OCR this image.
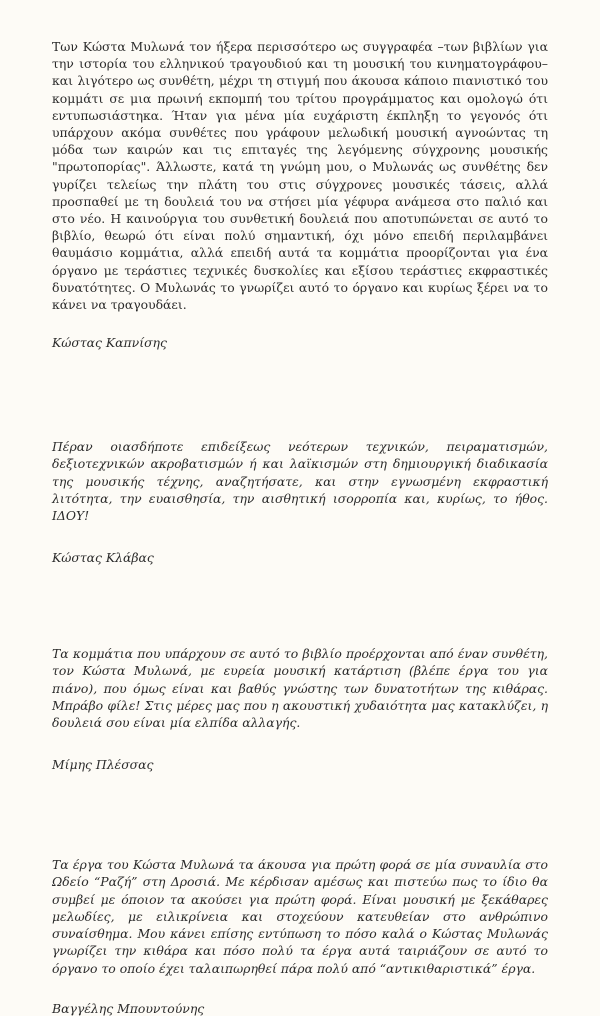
Των Κώστα Μυλωνά τον ήξερα περισσότερο ως συγγραφέα –των βιβλίων για την ιστορία του ελληνικού τραγουδιού και τη μουσική του κινηματογράφου– και λιγότερο ως συνθέτη, μέχρι τη στιγμή που άκουσα κάποιο πιανιστικό του κομμάτι σε μια πρωινή εκπομπή του τρίτου προγράμματος και ομολογώ ότι εντυπωσιάστηκα. Ήταν για μένα μία ευχάριστη έκπληξη το γεγονός ότι υπάρχουν ακόμα συνθέτες που γράφουν μελωδική μουσική αγνοώντας τη μόδα των καιρών και τις επιταγές της λεγόμενης σύγχρονης μουσικής "πρωτοπορίας". Άλλωστε, κατά τη γνώμη μου, ο Μυλωνάς ως συνθέτης δεν γυρίζει τελείως την πλάτη του στις σύγχρονες μουσικές τάσεις, αλλά προσπαθεί με τη δουλειά του να στήσει μία γέφυρα ανάμεσα στο παλιό και στο νέο. Η καινούργια του συνθετική δουλειά που αποτυπώνεται σε αυτό το βιβλίο, θεωρώ ότι είναι πολύ σημαντική, όχι μόνο επειδή περιλαμβάνει θαυμάσιο κομμάτια, αλλά επειδή αυτά τα κομμάτια προορίζονται για ένα όργανο με τεράστιες τεχνικές δυσκολίες και εξίσου τεράστιες εκφραστικές δυνατότητες. Ο Μυλωνάς το γνωρίζει αυτό το όργανο και κυρίως ξέρει να το κάνει να τραγουδάει.

Κώστας Καπνίσης

Πέραν οιασδήποτε επιδείξεως νεότερων τεχνικών, πειραματισμών, δεξιοτεχνικών ακροβατισμών ή και λαϊκισμών στη δημιουργική διαδικασία της μουσικής τέχνης, αναζητήσατε, και στην εγνωσμένη εκφραστική λιτότητα, την ευαισθησία, την αισθητική ισορροπία και, κυρίως, το ήθος. ΙΔΟΥ!

Κώστας Κλάβας

Τα κομμάτια που υπάρχουν σε αυτό το βιβλίο προέρχονται από έναν συνθέτη, τον Κώστα Μυλωνά, με ευρεία μουσική κατάρτιση (βλέπε έργα του για πιάνο), που όμως είναι και βαθύς γνώστης των δυνατοτήτων της κιθάρας. Μπράβο φίλε! Στις μέρες μας που η ακουστική χυδαιότητα μας κατακλύζει, η δουλειά σου είναι μία ελπίδα αλλαγής.

Μίμης Πλέσσας

Τα έργα του Κώστα Μυλωνά τα άκουσα για πρώτη φορά σε μία συναυλία στο Ωδείο “Ραζή” στη Δροσιά. Με κέρδισαν αμέσως και πιστεύω πως το ίδιο θα συμβεί με όποιον τα ακούσει για πρώτη φορά. Είναι μουσική με ξεκάθαρες μελωδίες, με ειλικρίνεια και στοχεύουν κατευθείαν στο ανθρώπινο συναίσθημα. Μου κάνει επίσης εντύπωση το πόσο καλά ο Κώστας Μυλωνάς γνωρίζει την κιθάρα και πόσο πολύ τα έργα αυτά ταιριάζουν σε αυτό το όργανο το οποίο έχει ταλαιπωρηθεί πάρα πολύ από “αντικιθαριστικά” έργα.

Βαγγέλης Μπουντούνης
